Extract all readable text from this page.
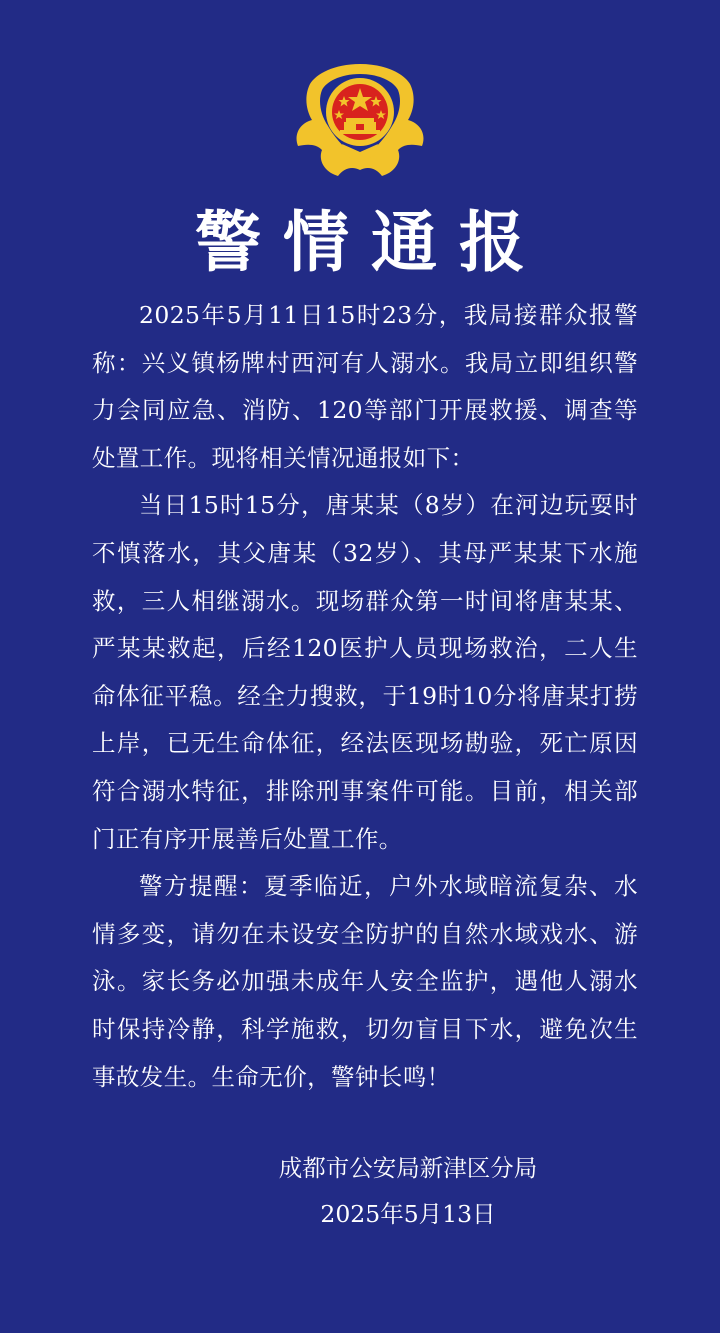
警情通报

2025年5月11日15时23分，我局接群众报警称：兴义镇杨牌村西河有人溺水。我局立即组织警力会同应急、消防、120等部门开展救援、调查等处置工作。现将相关情况通报如下：

当日15时15分，唐某某（8岁）在河边玩耍时不慎落水，其父唐某（32岁）、其母严某某下水施救，三人相继溺水。现场群众第一时间将唐某某、严某某救起，后经120医护人员现场救治，二人生命体征平稳。经全力搜救，于19时10分将唐某打捞上岸，已无生命体征，经法医现场勘验，死亡原因符合溺水特征，排除刑事案件可能。目前，相关部门正有序开展善后处置工作。

警方提醒：夏季临近，户外水域暗流复杂、水情多变，请勿在未设安全防护的自然水域戏水、游泳。家长务必加强未成年人安全监护，遇他人溺水时保持冷静，科学施救，切勿盲目下水，避免次生事故发生。生命无价，警钟长鸣！

成都市公安局新津区分局
2025年5月13日
